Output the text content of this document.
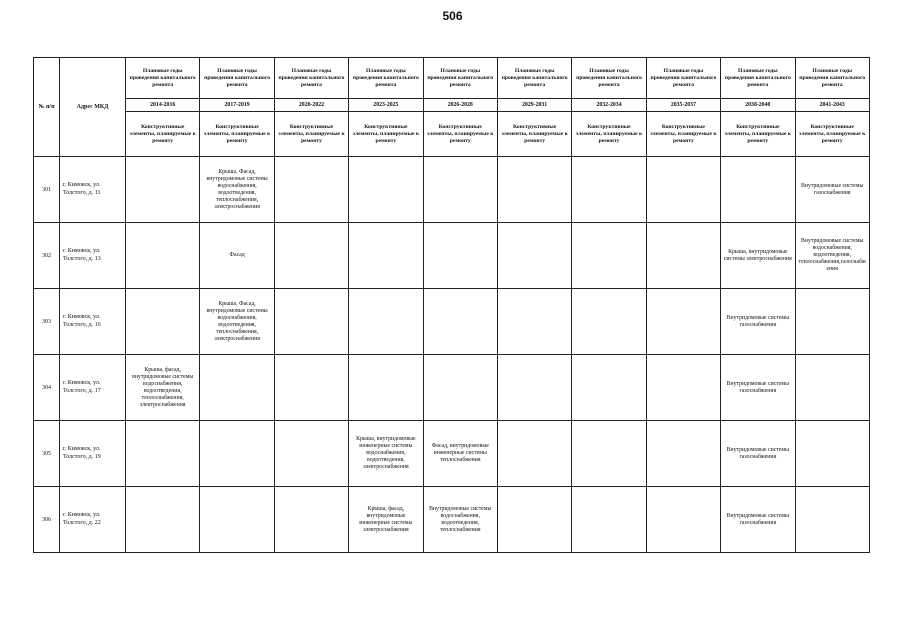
506
№ п/п	Адрес МКД	Плановые годы проведения капитального ремонта	Плановые годы проведения капитального ремонта	Плановые годы проведения капитального ремонта	Плановые годы проведения капитального ремонта	Плановые годы проведения капитального ремонта	Плановые годы проведения капитального ремонта	Плановые годы проведения капитального ремонта	Плановые годы проведения капитального ремонта	Плановые годы проведения капитального ремонта	Плановые годы проведения капитального ремонта
		2014-2016	2017-2019	2020-2022	2023-2025	2026-2028	2029-2031	2032-2034	2035-2037	2038-2040	2041-2043
		Конструктивные элементы, планируемые к ремонту	Конструктивные элементы, планируемые к ремонту	Конструктивные элементы, планируемые к ремонту	Конструктивные элементы, планируемые к ремонту	Конструктивные элементы, планируемые к ремонту	Конструктивные элементы, планируемые к ремонту	Конструктивные элементы, планируемые к ремонту	Конструктивные элементы, планируемые к ремонту	Конструктивные элементы, планируемые к ремонту	Конструктивные элементы, планируемые к ремонту
301	г. Кимовск, ул. Толстого, д. 11		Крыша, Фасад, внутридомовые системы водоснабжения, водоотведения, теплоснабжения, электроснабжения								Внутридомовые системы газоснабжения
302	г. Кимовск, ул. Толстого, д. 13		Фасад							Крыша, внутридомовые системы электроснабжения	Внутридомовые системы водоснабжения, водоотведения, теплоснабжения,газоснабжения
303	г. Кимовск, ул. Толстого, д. 16		Крыша, Фасад, внутридомовые системы водоснабжения, водоотведения, теплоснабжения, электроснабжения							Внутридомовые системы газоснабжения	
304	г. Кимовск, ул. Толстого, д. 17	Крыша, фасад, внутридомовые системы водоснабжения, водоотведения, теплоснабжения, электроснабжения								Внутридомовые системы газоснабжения	
305	г. Кимовск, ул. Толстого, д. 19				Крыша, внутридомовые инженерные системы водоснабжения, водоотведения, электроснабжения	Фасад, внутридомовые инженерные системы теплоснабжения				Внутридомовые системы газоснабжения	
306	г. Кимовск, ул. Толстого, д. 22				Крыша, фасад, внутридомовые инженерные системы электроснабжения	Внутридомовые системы водоснабжения, водоотведения, теплоснабжения				Внутридомовые системы газоснабжения	
